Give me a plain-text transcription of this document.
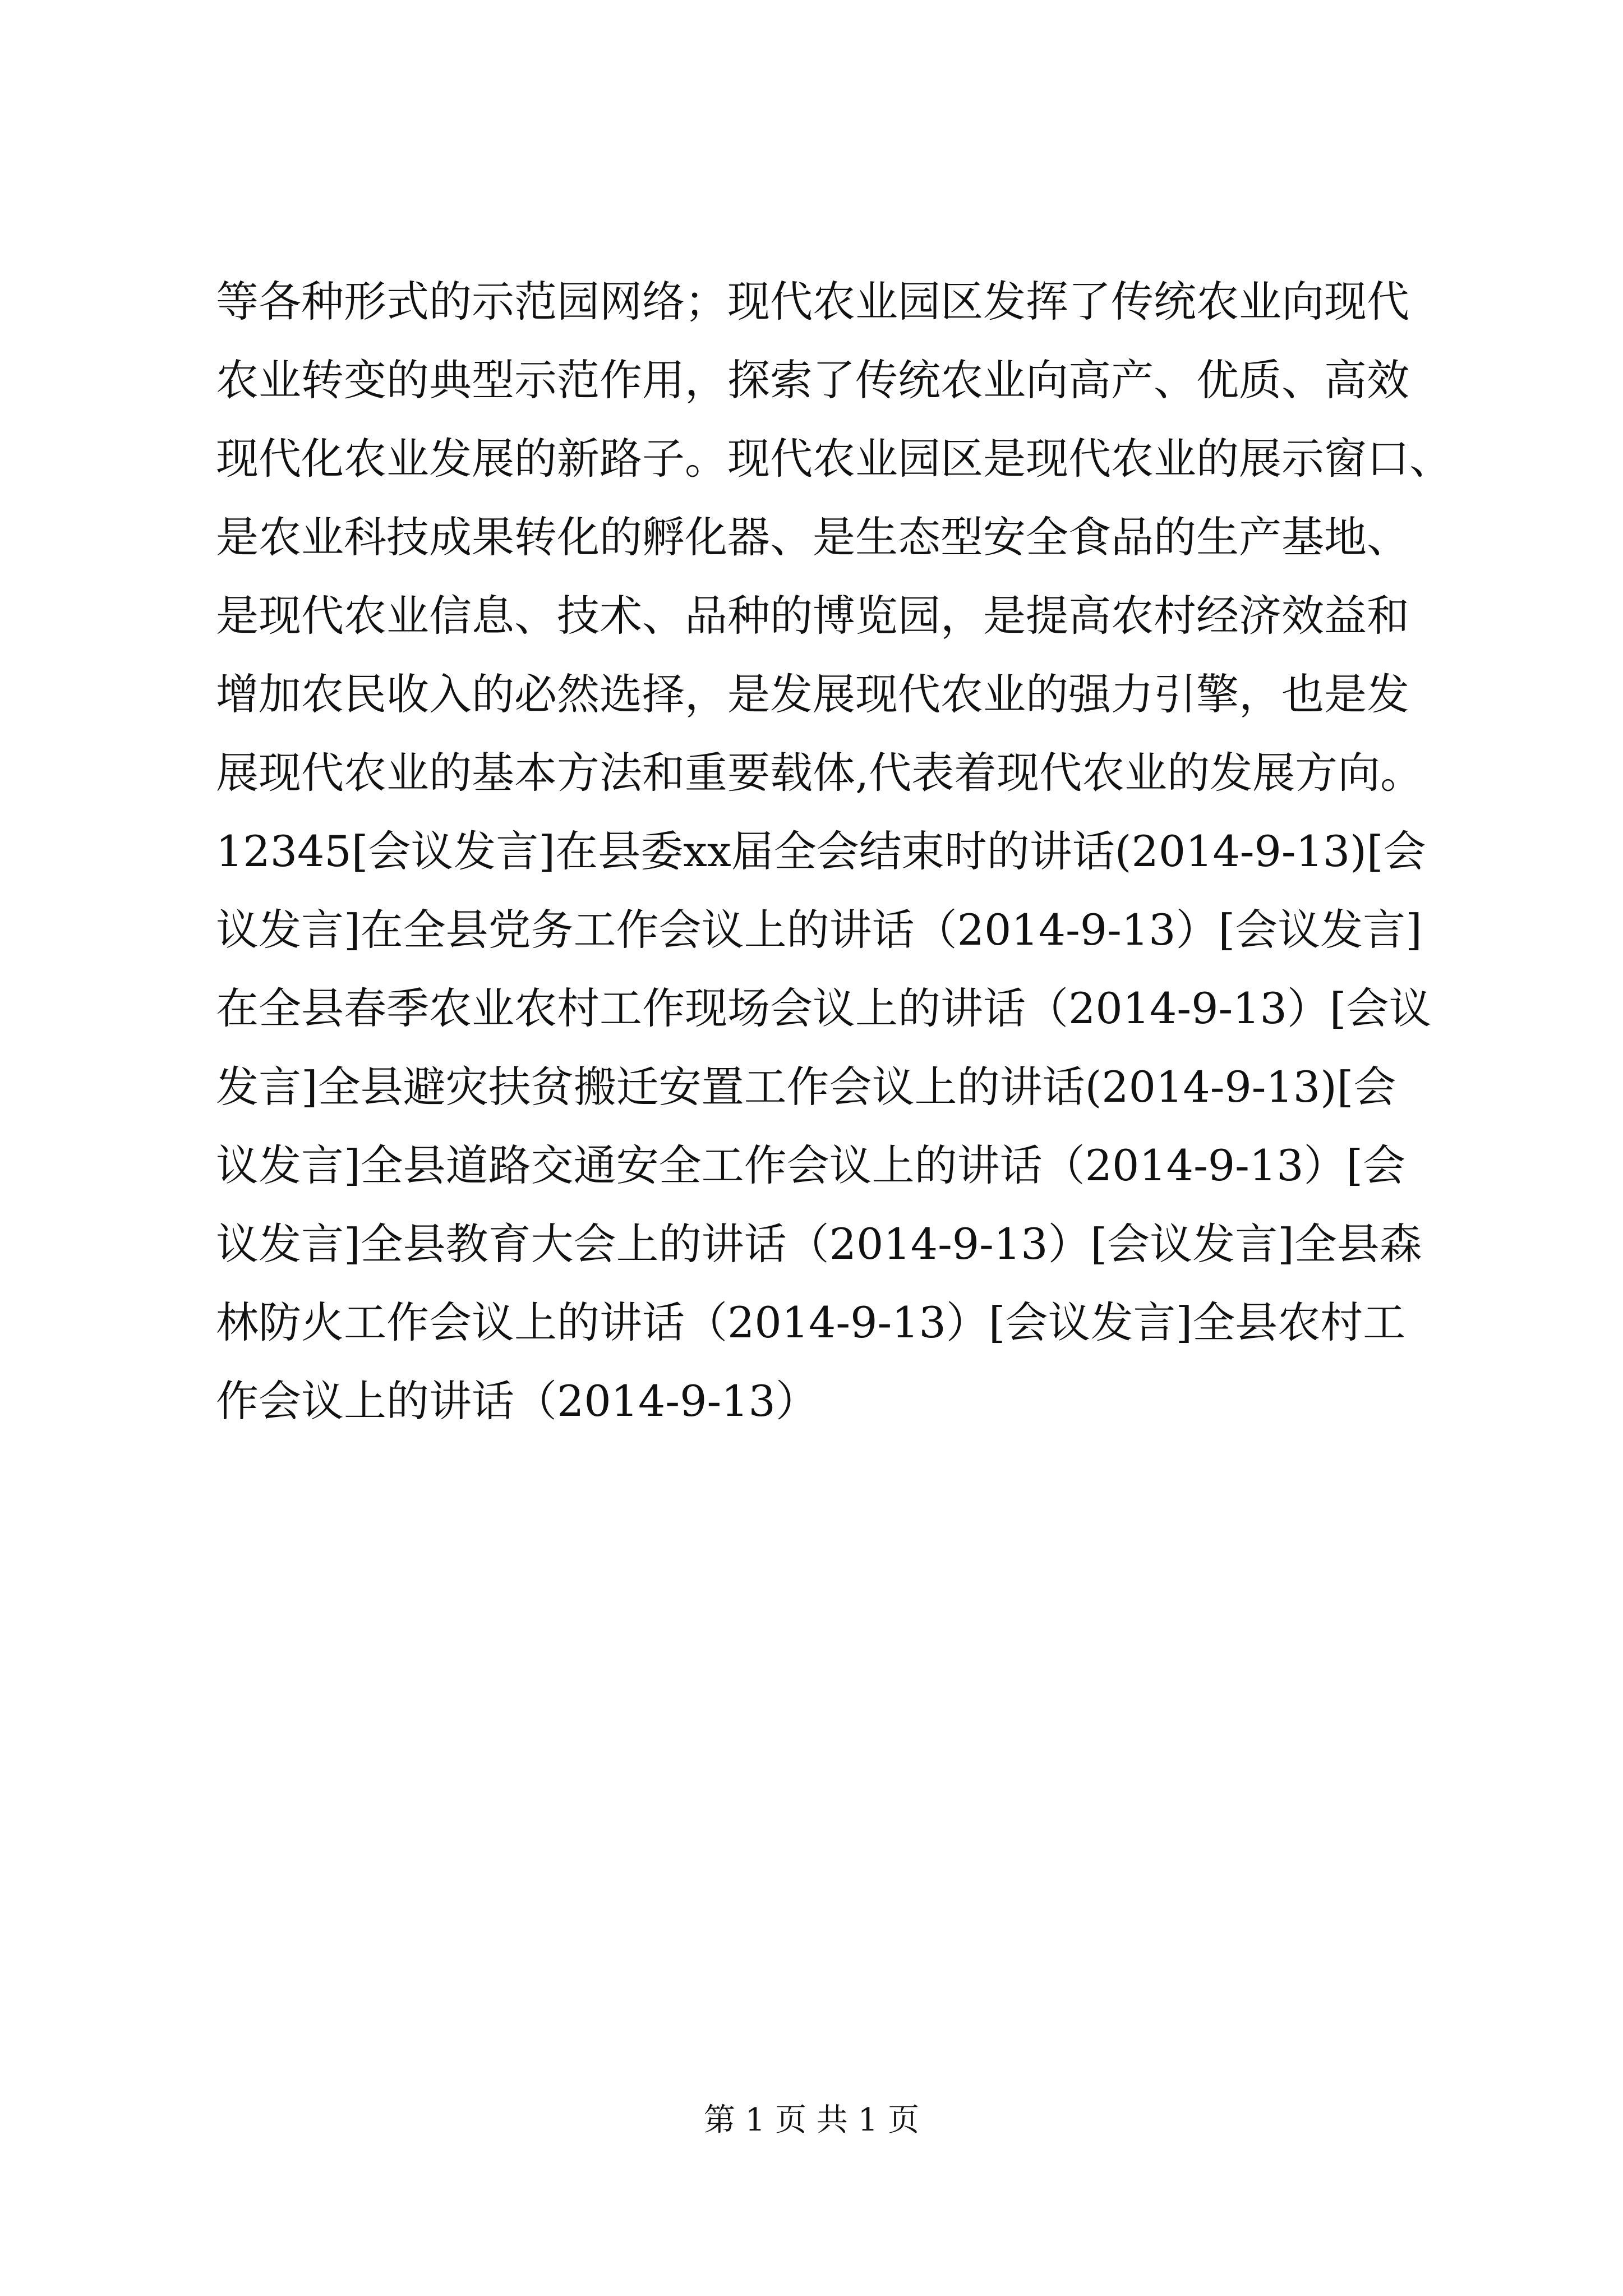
等各种形式的示范园网络；现代农业园区发挥了传统农业向现代
农业转变的典型示范作用，探索了传统农业向高产、优质、高效
现代化农业发展的新路子。现代农业园区是现代农业的展示窗口、
是农业科技成果转化的孵化器、是生态型安全食品的生产基地、
是现代农业信息、技术、品种的博览园，是提高农村经济效益和
增加农民收入的必然选择，是发展现代农业的强力引擎，也是发
展现代农业的基本方法和重要载体,代表着现代农业的发展方向。
12345[会议发言]在县委xx届全会结束时的讲话(2014-9-13)[会
议发言]在全县党务工作会议上的讲话（2014-9-13）[会议发言]
在全县春季农业农村工作现场会议上的讲话（2014-9-13）[会议
发言]全县避灾扶贫搬迁安置工作会议上的讲话(2014-9-13)[会
议发言]全县道路交通安全工作会议上的讲话（2014-9-13）[会
议发言]全县教育大会上的讲话（2014-9-13）[会议发言]全县森
林防火工作会议上的讲话（2014-9-13）[会议发言]全县农村工
作会议上的讲话（2014-9-13）
第 1 页 共 1 页
